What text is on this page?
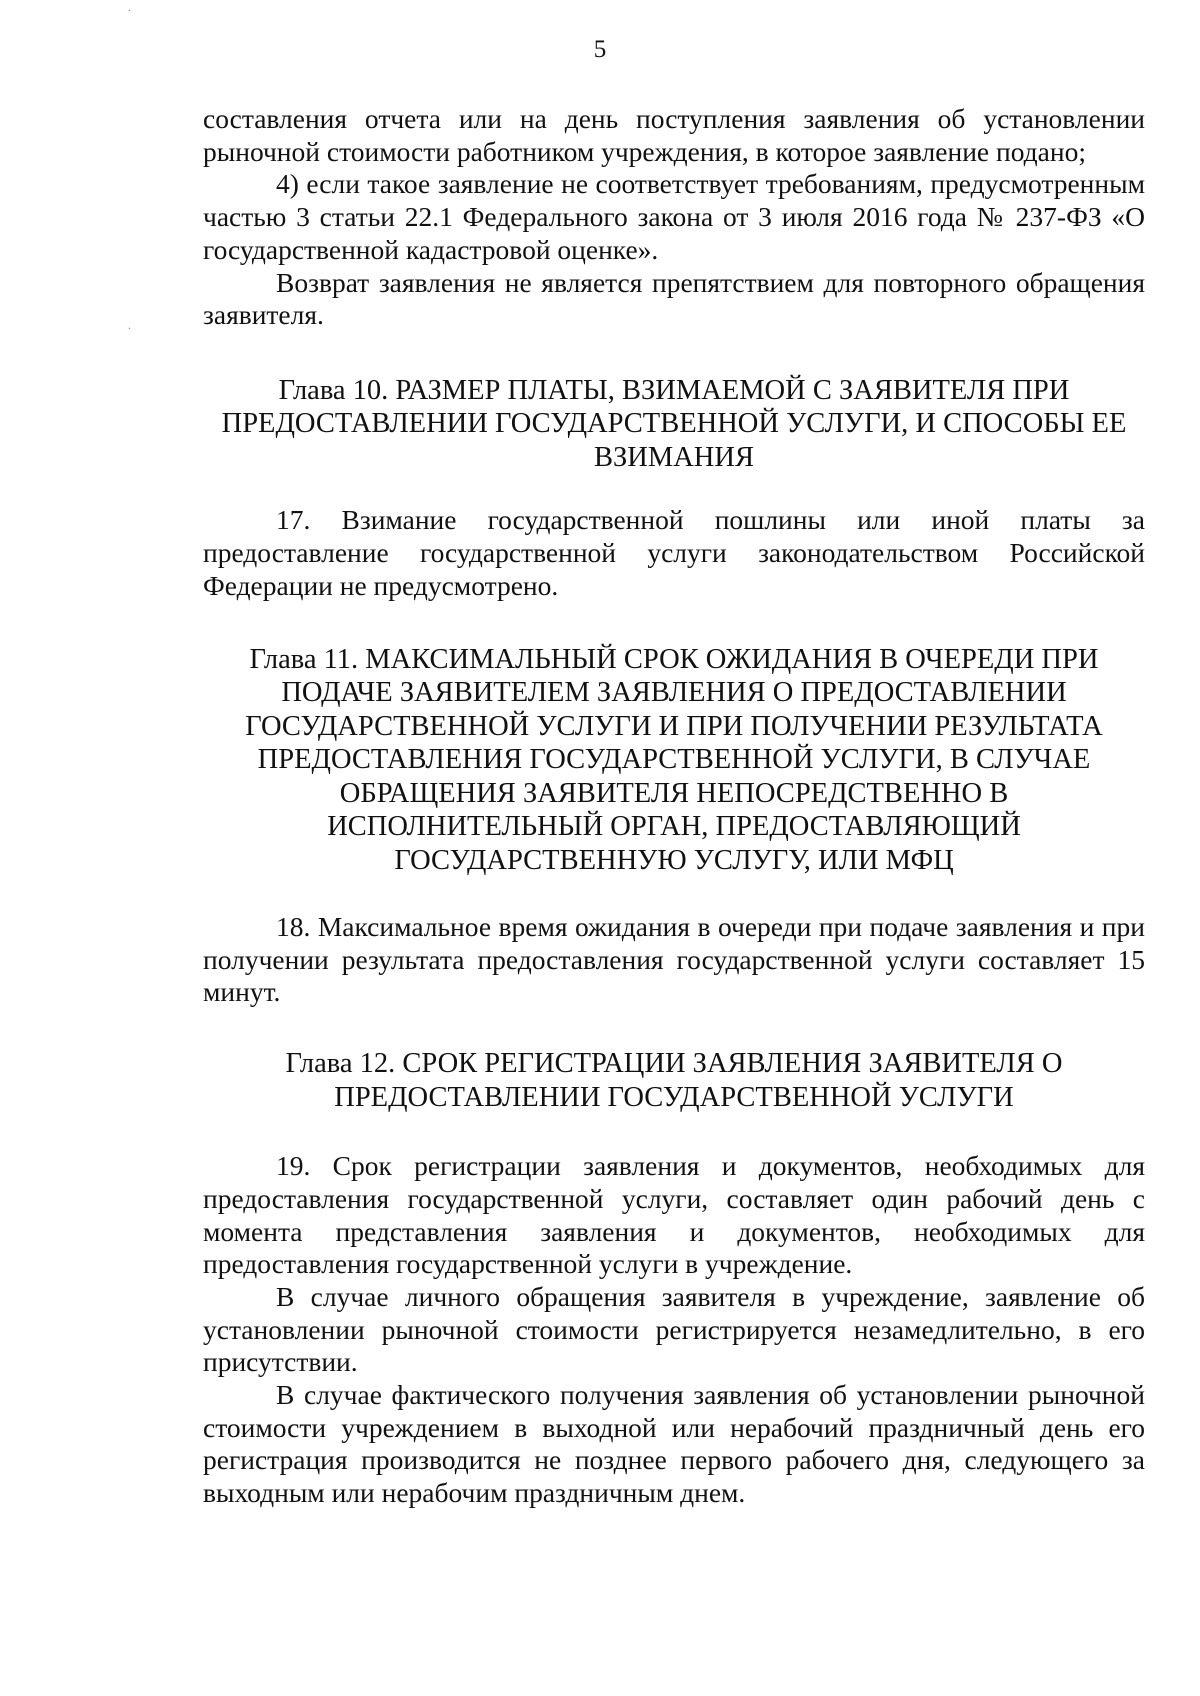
5
.
.

составления отчета или на день поступления заявления об установлении рыночной стоимости работником учреждения, в которое заявление подано;

4) если такое заявление не соответствует требованиям, предусмотренным частью 3 статьи 22.1 Федерального закона от 3 июля 2016 года № 237-ФЗ «О государственной кадастровой оценке».

Возврат заявления не является препятствием для повторного обращения заявителя.

Глава 10. РАЗМЕР ПЛАТЫ, ВЗИМАЕМОЙ С ЗАЯВИТЕЛЯ ПРИ
ПРЕДОСТАВЛЕНИИ ГОСУДАРСТВЕННОЙ УСЛУГИ, И СПОСОБЫ ЕЕ
ВЗИМАНИЯ

17. Взимание государственной пошлины или иной платы за предоставление государственной услуги законодательством Российской Федерации не предусмотрено.

Глава 11. МАКСИМАЛЬНЫЙ СРОК ОЖИДАНИЯ В ОЧЕРЕДИ ПРИ
ПОДАЧЕ ЗАЯВИТЕЛЕМ ЗАЯВЛЕНИЯ О ПРЕДОСТАВЛЕНИИ
ГОСУДАРСТВЕННОЙ УСЛУГИ И ПРИ ПОЛУЧЕНИИ РЕЗУЛЬТАТА
ПРЕДОСТАВЛЕНИЯ ГОСУДАРСТВЕННОЙ УСЛУГИ, В СЛУЧАЕ
ОБРАЩЕНИЯ ЗАЯВИТЕЛЯ НЕПОСРЕДСТВЕННО В
ИСПОЛНИТЕЛЬНЫЙ ОРГАН, ПРЕДОСТАВЛЯЮЩИЙ
ГОСУДАРСТВЕННУЮ УСЛУГУ, ИЛИ МФЦ

18. Максимальное время ожидания в очереди при подаче заявления и при получении результата предоставления государственной услуги составляет 15 минут.

Глава 12. СРОК РЕГИСТРАЦИИ ЗАЯВЛЕНИЯ ЗАЯВИТЕЛЯ О
ПРЕДОСТАВЛЕНИИ ГОСУДАРСТВЕННОЙ УСЛУГИ

19. Срок регистрации заявления и документов, необходимых для предоставления государственной услуги, составляет один рабочий день с момента представления заявления и документов, необходимых для предоставления государственной услуги в учреждение.

В случае личного обращения заявителя в учреждение, заявление об установлении рыночной стоимости регистрируется незамедлительно, в его присутствии.

В случае фактического получения заявления об установлении рыночной стоимости учреждением в выходной или нерабочий праздничный день его регистрация производится не позднее первого рабочего дня, следующего за выходным или нерабочим праздничным днем.
